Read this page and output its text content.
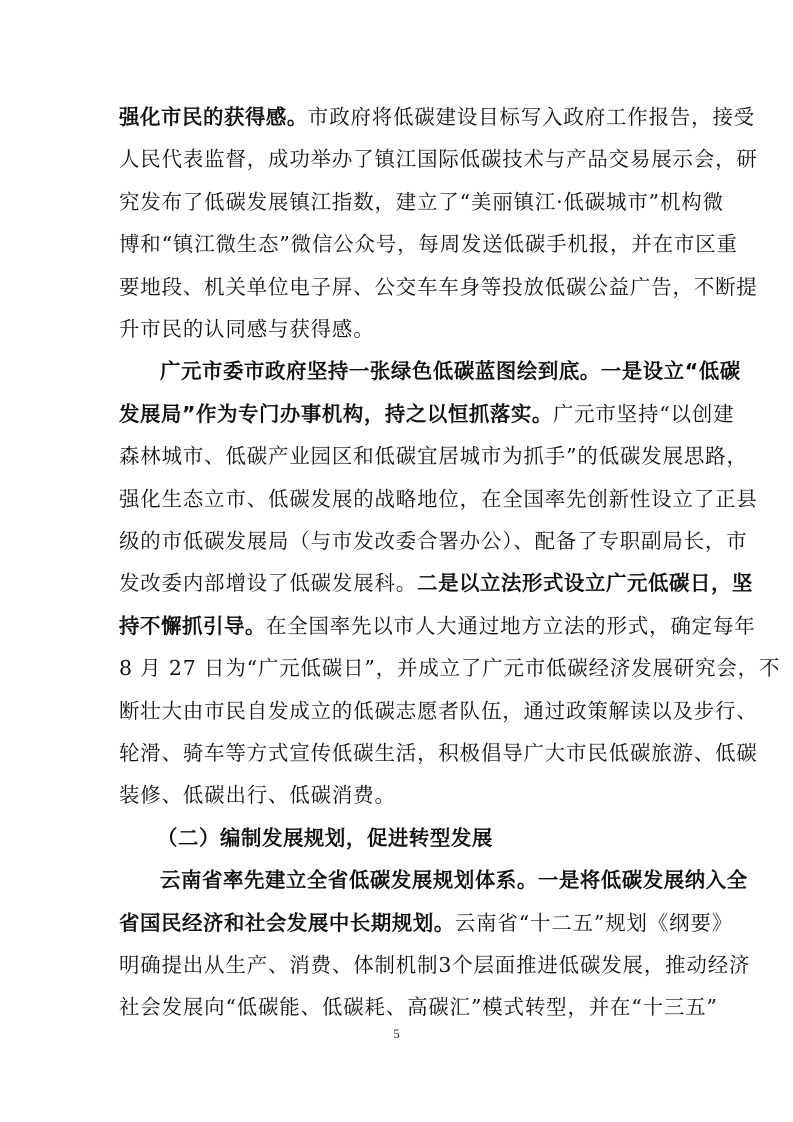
强化市民的获得感。市政府将低碳建设目标写入政府工作报告，接受
人民代表监督，成功举办了镇江国际低碳技术与产品交易展示会，研
究发布了低碳发展镇江指数，建立了“美丽镇江·低碳城市”机构微
博和“镇江微生态”微信公众号，每周发送低碳手机报，并在市区重
要地段、机关单位电子屏、公交车车身等投放低碳公益广告，不断提
升市民的认同感与获得感。
广元市委市政府坚持一张绿色低碳蓝图绘到底。一是设立“低碳
发展局”作为专门办事机构，持之以恒抓落实。广元市坚持“以创建
森林城市、低碳产业园区和低碳宜居城市为抓手”的低碳发展思路，
强化生态立市、低碳发展的战略地位，在全国率先创新性设立了正县
级的市低碳发展局（与市发改委合署办公）、配备了专职副局长，市
发改委内部增设了低碳发展科。二是以立法形式设立广元低碳日，坚
持不懈抓引导。在全国率先以市人大通过地方立法的形式，确定每年
8 月 27 日为“广元低碳日”，并成立了广元市低碳经济发展研究会，不
断壮大由市民自发成立的低碳志愿者队伍，通过政策解读以及步行、
轮滑、骑车等方式宣传低碳生活，积极倡导广大市民低碳旅游、低碳
装修、低碳出行、低碳消费。
（二）编制发展规划，促进转型发展
云南省率先建立全省低碳发展规划体系。一是将低碳发展纳入全
省国民经济和社会发展中长期规划。云南省“十二五”规划《纲要》
明确提出从生产、消费、体制机制3个层面推进低碳发展，推动经济
社会发展向“低碳能、低碳耗、高碳汇”模式转型，并在“十三五”
5
